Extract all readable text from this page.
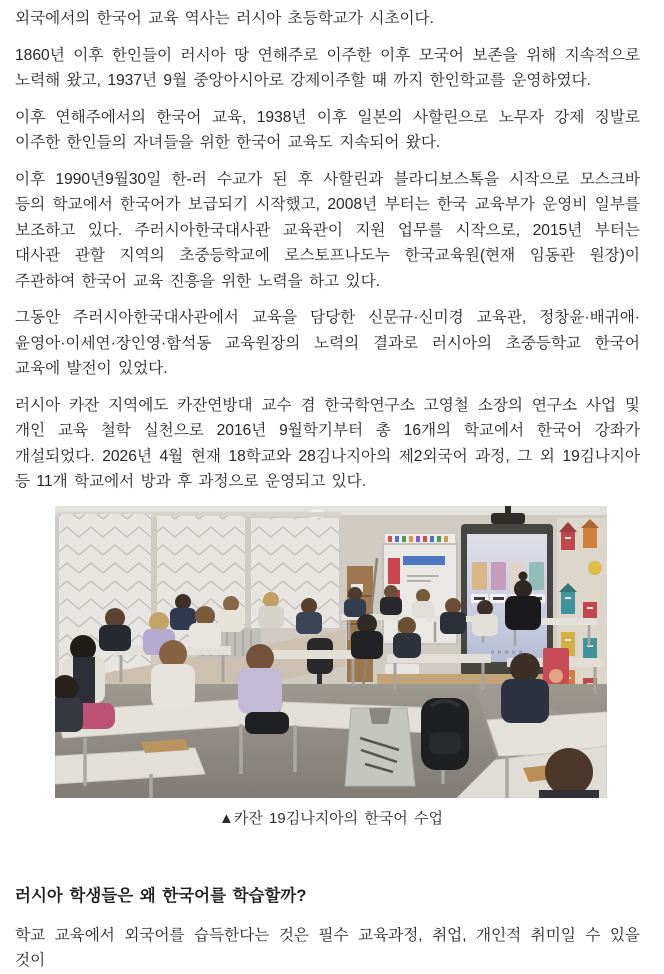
외국에서의 한국어 교육 역사는 러시아 초등학교가 시초이다.

1860년 이후 한인들이 러시아 땅 연해주로 이주한 이후 모국어 보존을 위해 지속적으로 노력해 왔고, 1937년 9월 중앙아시아로 강제이주할 때 까지 한인학교를 운영하였다.

이후 연해주에서의 한국어 교육, 1938년 이후 일본의 사할린으로 노무자 강제 징발로 이주한 한인들의 자녀들을 위한 한국어 교육도 지속되어 왔다.

이후 1990년9월30일 한-러 수교가 된 후 사할린과 블라디보스톡을 시작으로 모스크바 등의 학교에서 한국어가 보급되기 시작했고, 2008년 부터는 한국 교육부가 운영비 일부를 보조하고 있다. 주러시아한국대사관 교육관이 지원 업무를 시작으로, 2015년 부터는 대사관 관할 지역의 초중등학교에 로스토프나도누 한국교육원(현재 임동관 원장)이 주관하여 한국어 교육 진흥을 위한 노력을 하고 있다.

그동안 주러시아한국대사관에서 교육을 담당한 신문규·신미경 교육관, 정창윤·배귀애·윤영아·이세연·장인영·함석동 교육원장의 노력의 결과로 러시아의 초중등학교 한국어 교육에 발전이 있었다.

러시아 카잔 지역에도 카잔연방대 교수 겸 한국학연구소 고영철 소장의 연구소 사업 및 개인 교육 철학 실천으로 2016년 9월학기부터 총 16개의 학교에서 한국어 강좌가 개설되었다. 2026년 4월 현재 18학교와 28김나지아의 제2외국어 과정, 그 외 19김나지아 등 11개 학교에서 방과 후 과정으로 운영되고 있다.

▲카잔 19김나지아의 한국어 수업
러시아 학생들은 왜 한국어를 학습할까?

학교 교육에서 외국어를 습득한다는 것은 필수 교육과정, 취업, 개인적 취미일 수 있을 것이
